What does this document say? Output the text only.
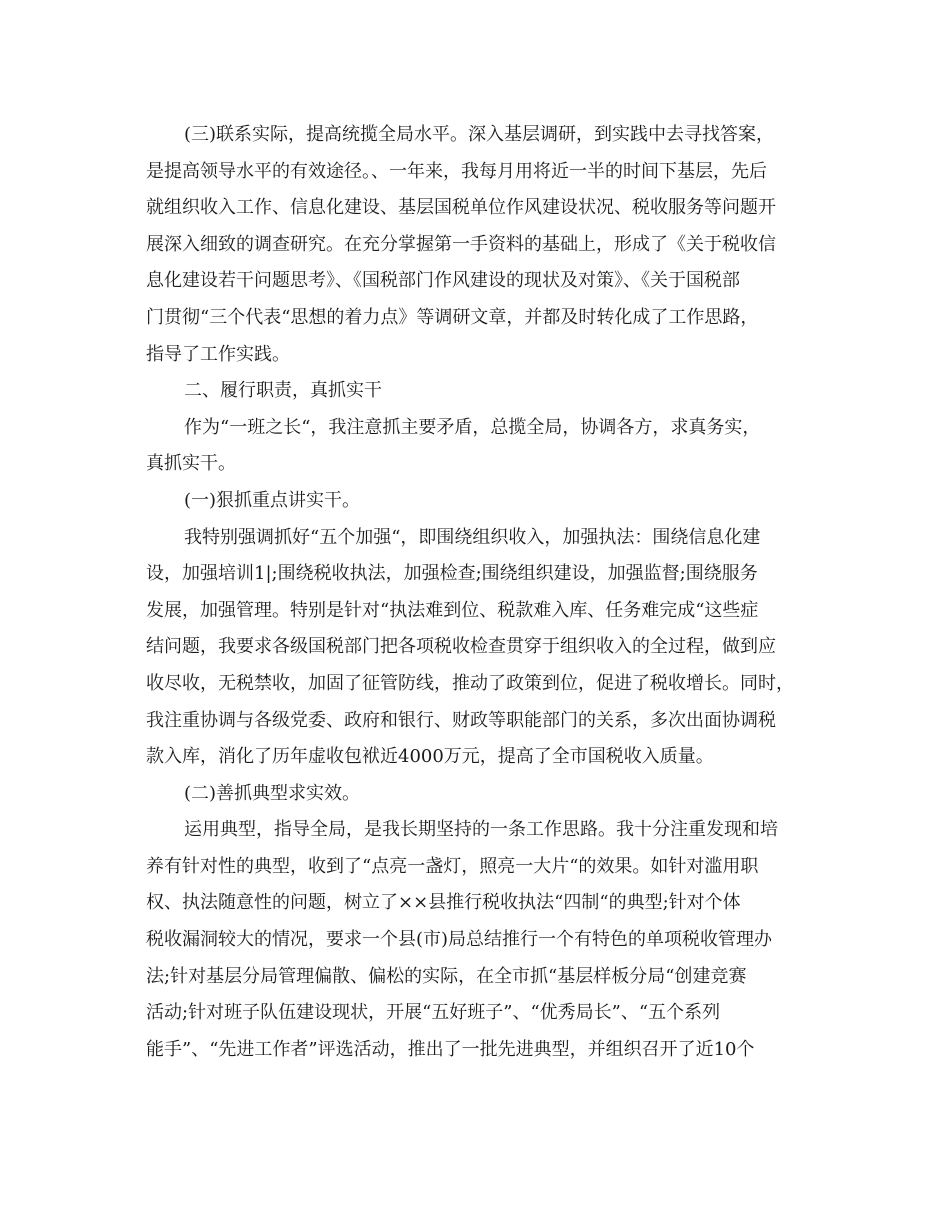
(三)联系实际，提高统揽全局水平。深入基层调研，到实践中去寻找答案，
是提高领导水平的有效途径。、一年来，我每月用将近一半的时间下基层，先后
就组织收入工作、信息化建设、基层国税单位作风建设状况、税收服务等问题开
展深入细致的调查研究。在充分掌握第一手资料的基础上，形成了《关于税收信
息化建设若干问题思考》、《国税部门作风建设的现状及对策》、《关于国税部
门贯彻“三个代表“思想的着力点》等调研文章，并都及时转化成了工作思路，
指导了工作实践。
二、履行职责，真抓实干
作为“一班之长“，我注意抓主要矛盾，总揽全局，协调各方，求真务实，
真抓实干。
(一)狠抓重点讲实干。
我特别强调抓好“五个加强“，即围绕组织收入，加强执法：围绕信息化建
设，加强培训1|;围绕税收执法，加强检查;围绕组织建设，加强监督;围绕服务
发展，加强管理。特别是针对“执法难到位、税款难入库、任务难完成“这些症
结问题，我要求各级国税部门把各项税收检查贯穿于组织收入的全过程，做到应
收尽收，无税禁收，加固了征管防线，推动了政策到位，促进了税收增长。同时，
我注重协调与各级党委、政府和银行、财政等职能部门的关系，多次出面协调税
款入库，消化了历年虚收包袱近4000万元，提高了全市国税收入质量。
(二)善抓典型求实效。
运用典型，指导全局，是我长期坚持的一条工作思路。我十分注重发现和培
养有针对性的典型，收到了“点亮一盏灯，照亮一大片“的效果。如针对滥用职
权、执法随意性的问题，树立了××县推行税收执法“四制“的典型;针对个体
税收漏洞较大的情况，要求一个县(市)局总结推行一个有特色的单项税收管理办
法;针对基层分局管理偏散、偏松的实际，在全市抓“基层样板分局“创建竞赛
活动;针对班子队伍建设现状，开展“五好班子”、“优秀局长”、“五个系列
能手”、“先进工作者”评选活动，推出了一批先进典型，并组织召开了近10个
